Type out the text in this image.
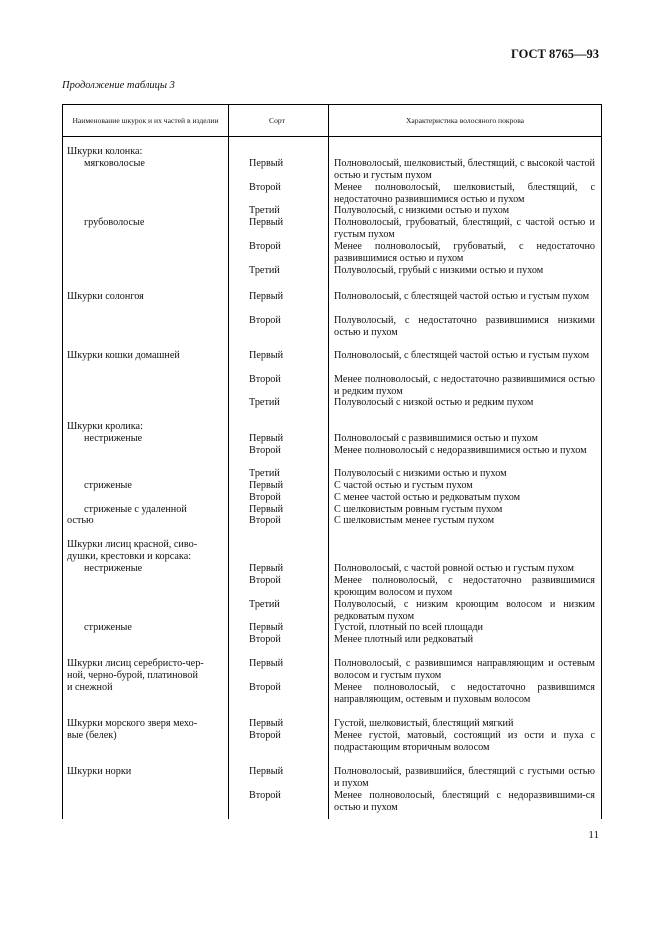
ГОСТ 8765—93
Продолжение таблицы 3
Наименование шкурок и их частей в изделии	Сорт	Характеристика волосяного покрова
Шкурки колонка:
мягковолосые
грубоволосые
Шкурки солонгоя
Шкурки кошки домашней
Шкурки кролика:
нестриженые
стриженые
стриженые с удаленной
остью
Шкурки лисиц красной, сиво-
душки, крестовки и корсака:
нестриженые
стриженые
Шкурки лисиц серебристо-чер-
ной, черно-бурой, платиновой
и снежной
Шкурки морского зверя мехо-
вые (белек)
Шкурки норки
Первый
Второй
Третий
Первый
Второй
Третий
Первый
Второй
Первый
Второй
Третий
Первый
Второй
Третий
Первый
Второй
Первый
Второй
Первый
Второй
Третий
Первый
Второй
Первый
Второй
Первый
Второй
Первый
Второй
Полноволосый, шелковистый, блестящий, с высокой частой остью и густым пухом
Менее полноволосый, шелковистый, блестящий, с недостаточно развившимися остью и пухом
Полуволосый, с низкими остью и пухом
Полноволосый, грубоватый, блестящий, с частой остью и густым пухом
Менее полноволосый, грубоватый, с недостаточно развившимися остью и пухом
Полуволосый, грубый с низкими остью и пухом
Полноволосый, с блестящей частой остью и густым пухом
Полуволосый, с недостаточно развившимися низкими остью и пухом
Полноволосый, с блестящей частой остью и густым пухом
Менее полноволосый, с недостаточно развившимися остью и редким пухом
Полуволосый с низкой остью и редким пухом
Полноволосый с развившимися остью и пухом
Менее полноволосый с недоразвившимися остью и пухом
Полуволосый с низкими остью и пухом
С частой остью и густым пухом
С менее частой остью и редковатым пухом
С шелковистым ровным густым пухом
С шелковистым менее густым пухом
Полноволосый, с частой ровной остью и густым пухом
Менее полноволосый, с недостаточно развившимися кроющим волосом и пухом
Полуволосый, с низким кроющим волосом и низким редковатым пухом
Густой, плотный по всей площади
Менее плотный или редковатый
Полноволосый, с развившимся направляющим и остевым волосом и густым пухом
Менее полноволосый, с недостаточно развившимся направляющим, остевым и пуховым волосом
Густой, шелковистый, блестящий мягкий
Менее густой, матовый, состоящий из ости и пуха с подрастающим вторичным волосом
Полноволосый, развившийся, блестящий с густыми остью и пухом
Менее полноволосый, блестящий с недоразвившими-ся остью и пухом
11
